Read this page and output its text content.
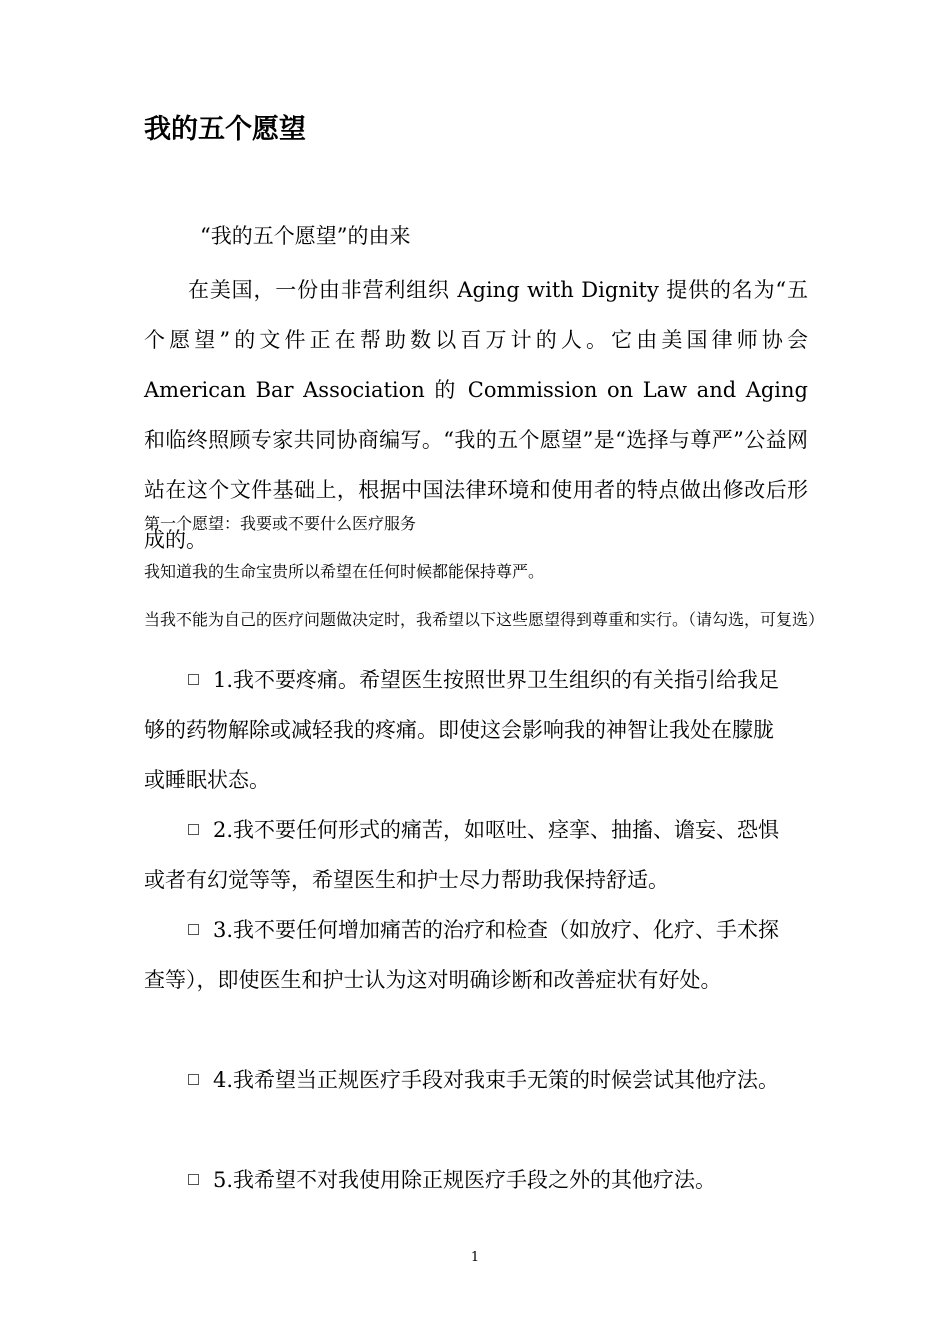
我的五个愿望

“我的五个愿望”的由来

在美国，一份由非营利组织 Aging with Dignity 提供的名为“五个愿望”的文件正在帮助数以百万计的人。它由美国律师协会 American Bar Association 的 Commission on Law and Aging 和临终照顾专家共同协商编写。“我的五个愿望”是“选择与尊严”公益网站在这个文件基础上，根据中国法律环境和使用者的特点做出修改后形成的。

第一个愿望：我要或不要什么医疗服务

我知道我的生命宝贵所以希望在任何时候都能保持尊严。

当我不能为自己的医疗问题做决定时，我希望以下这些愿望得到尊重和实行。（请勾选，可复选）

1.我不要疼痛。希望医生按照世界卫生组织的有关指引给我足够的药物解除或减轻我的疼痛。即使这会影响我的神智让我处在朦胧或睡眠状态。

2.我不要任何形式的痛苦，如呕吐、痉挛、抽搐、谵妄、恐惧或者有幻觉等等，希望医生和护士尽力帮助我保持舒适。

3.我不要任何增加痛苦的治疗和检查（如放疗、化疗、手术探查等），即使医生和护士认为这对明确诊断和改善症状有好处。

4.我希望当正规医疗手段对我束手无策的时候尝试其他疗法。

5.我希望不对我使用除正规医疗手段之外的其他疗法。

1
